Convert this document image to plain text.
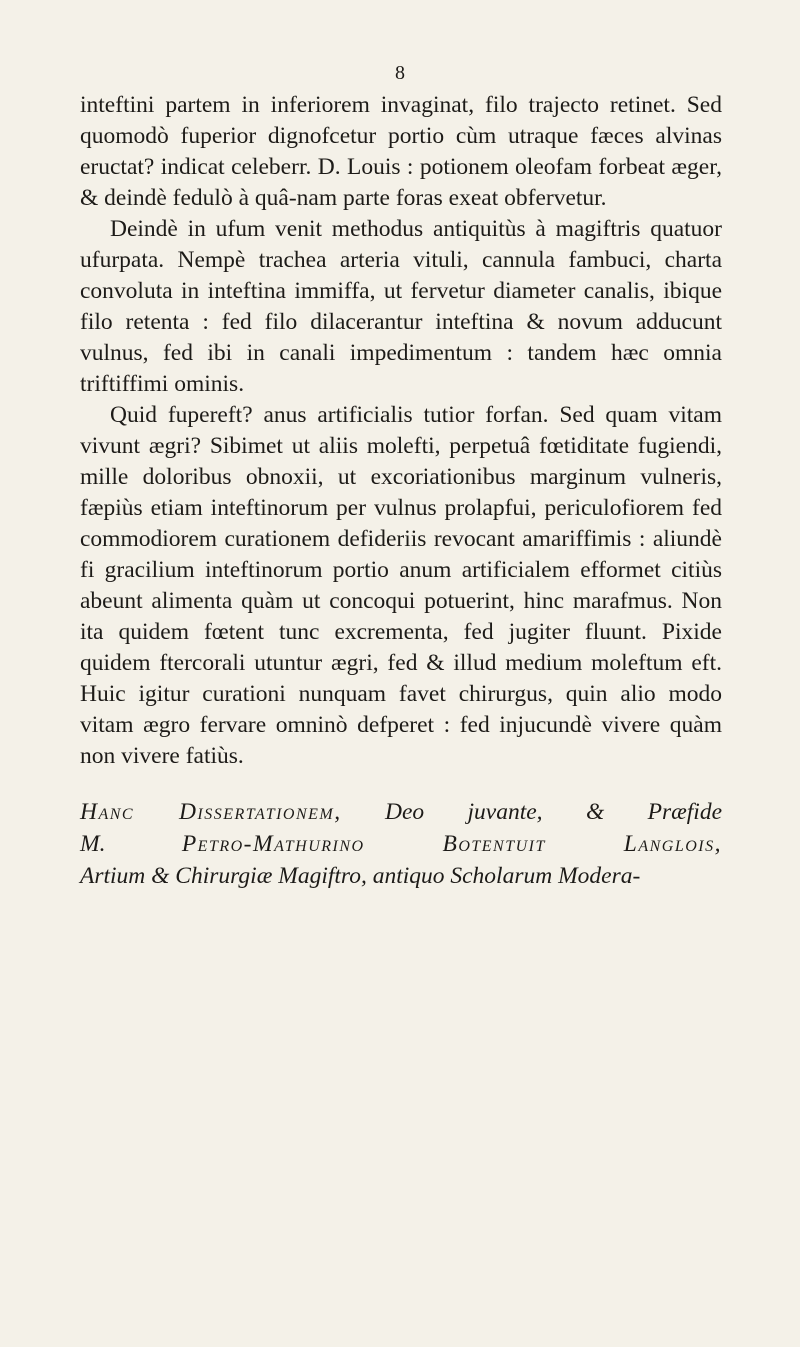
8

inteftini partem in inferiorem invaginat, filo trajecto retinet. Sed quomodò fuperior dignofcetur portio cùm utraque fæces alvinas eructat? indicat celeberr. D. Louis : potionem oleofam forbeat æger, & deindè fedulò à quâ-nam parte foras exeat obfervetur.

Deindè in ufum venit methodus antiquitùs à magiftris quatuor ufurpata. Nempè trachea arteria vituli, cannula fambuci, charta convoluta in inteftina immiffa, ut fervetur diameter canalis, ibique filo retenta : fed filo dilacerantur inteftina & novum adducunt vulnus, fed ibi in canali impedimentum : tandem hæc omnia triftiffimi ominis.

Quid fupereft? anus artificialis tutior forfan. Sed quam vitam vivunt ægri? Sibimet ut aliis molefti, perpetuâ fœtiditate fugiendi, mille doloribus obnoxii, ut excoriationibus marginum vulneris, fæpiùs etiam inteftinorum per vulnus prolapfui, periculofiorem fed commodiorem curationem defideriis revocant amariffimis : aliundè fi gracilium inteftinorum portio anum artificialem efformet citiùs abeunt alimenta quàm ut concoqui potuerint, hinc marafmus. Non ita quidem fœtent tunc excrementa, fed jugiter fluunt. Pixide quidem ftercorali utuntur ægri, fed & illud medium moleftum eft. Huic igitur curationi nunquam favet chirurgus, quin alio modo vitam ægro fervare omninò defperet : fed injucundè vivere quàm non vivere fatiùs.

Hanc Dissertationem, Deo juvante, & Præfide
M.	Petro-Mathurino Botentuit Langlois,
Artium & Chirurgiæ Magiftro, antiquo Scholarum Modera-
